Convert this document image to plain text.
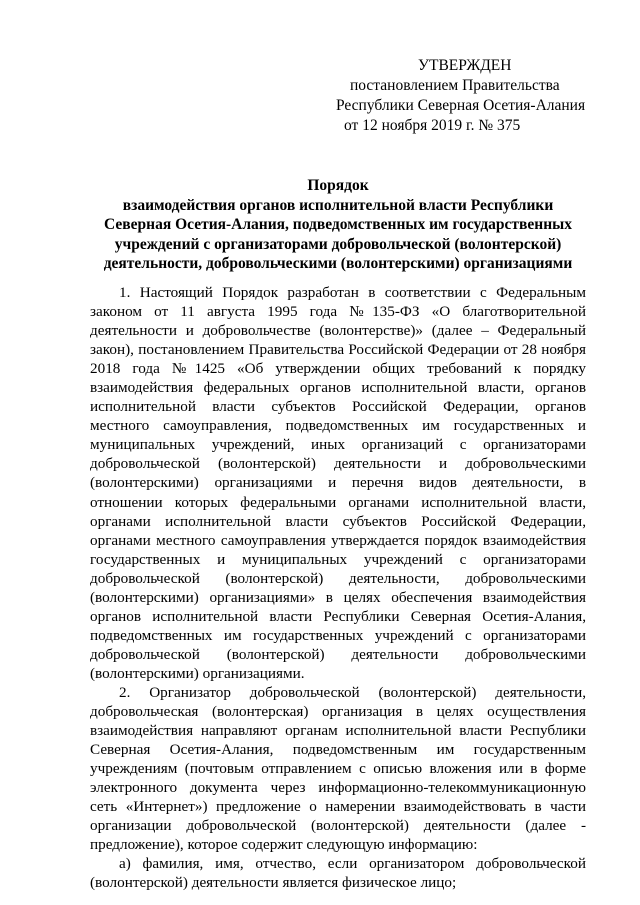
УТВЕРЖДЕН
постановлением Правительства
Республики Северная Осетия-Алания
от 12 ноября 2019 г. № 375
Порядок
взаимодействия органов исполнительной власти Республики
Северная Осетия-Алания, подведомственных им государственных
учреждений с организаторами добровольческой (волонтерской)
деятельности, добровольческими (волонтерскими) организациями

1. Настоящий Порядок разработан в соответствии с Федеральным законом от 11 августа 1995 года №135-ФЗ «О благотворительной деятельности и добровольчестве (волонтерстве)» (далее – Федеральный закон), постановлением Правительства Российской Федерации от 28 ноября 2018 года №1425 «Об утверждении общих требований к порядку взаимодействия федеральных органов исполнительной власти, органов исполнительной власти субъектов Российской Федерации, органов местного самоуправления, подведомственных им государственных и муниципальных учреждений, иных организаций с организаторами добровольческой (волонтерской) деятельности и добровольческими (волонтерскими) организациями и перечня видов деятельности, в отношении которых федеральными органами исполнительной власти, органами исполнительной власти субъектов Российской Федерации, органами местного самоуправления утверждается порядок взаимодействия государственных и муниципальных учреждений с организаторами добровольческой (волонтерской) деятельности, добровольческими (волонтерскими) организациями» в целях обеспечения взаимодействия органов исполнительной власти Республики Северная Осетия-Алания, подведомственных им государственных учреждений с организаторами добровольческой (волонтерской) деятельности добровольческими (волонтерскими) организациями.

2. Организатор добровольческой (волонтерской) деятельности, добровольческая (волонтерская) организация в целях осуществления взаимодействия направляют органам исполнительной власти Республики Северная Осетия-Алания, подведомственным им государственным учреждениям (почтовым отправлением с описью вложения или в форме электронного документа через информационно-телекоммуникационную сеть «Интернет») предложение о намерении взаимодействовать в части организации добровольческой (волонтерской) деятельности (далее - предложение), которое содержит следующую информацию:

а) фамилия, имя, отчество, если организатором добровольческой (волонтерской) деятельности является физическое лицо;
